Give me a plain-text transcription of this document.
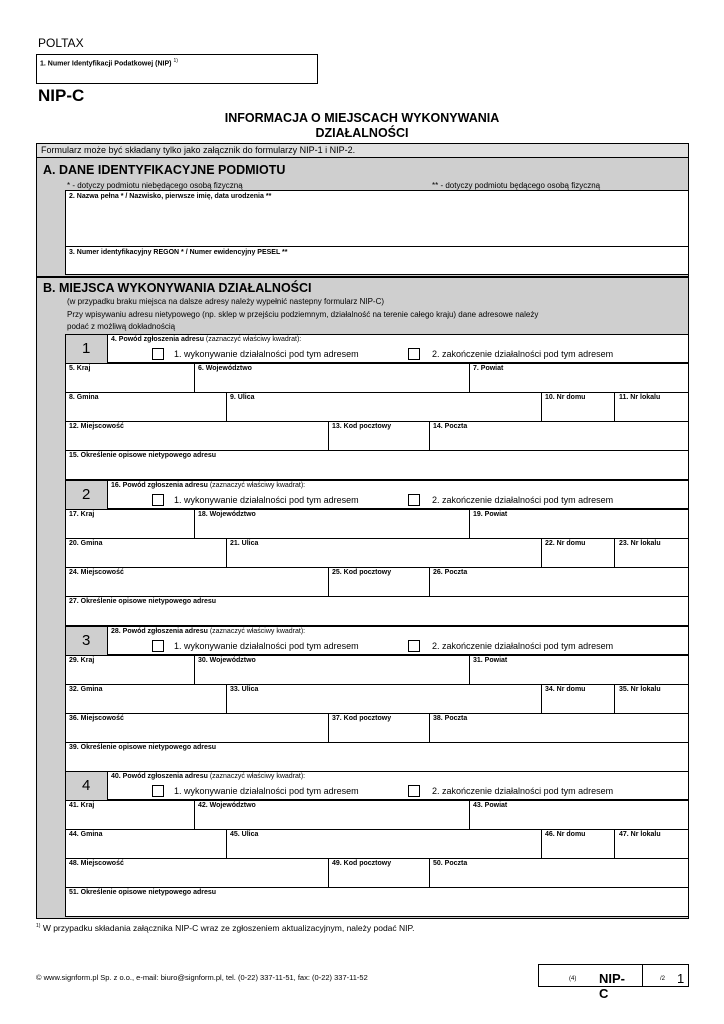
POLTAX
1. Numer Identyfikacji Podatkowej (NIP) $^{1)}$
NIP-C
INFORMACJA O MIEJSCACH WYKONYWANIA
DZIAŁALNOŚCI
Formularz może być składany tylko jako załącznik do formularzy NIP-1 i NIP-2.
A. DANE IDENTYFIKACYJNE PODMIOTU
* - dotyczy podmiotu niebędącego osobą fizyczną	** - dotyczy podmiotu będącego osobą fizyczną
2. Nazwa pełna * / Nazwisko, pierwsze imię, data urodzenia **
3. Numer identyfikacyjny REGON * / Numer ewidencyjny PESEL **
B. MIEJSCA WYKONYWANIA DZIAŁALNOŚCI
(w przypadku braku miejsca na dalsze adresy należy wypełnić nastepny formularz NIP-C)
Przy wpisywaniu adresu nietypowego (np. sklep w przejściu podziemnym, działalność na terenie całego kraju) dane adresowe należy
podać z możliwą dokładnością
1
4. Powód zgłoszenia adresu (zaznaczyć właściwy kwadrat):
1. wykonywanie działalności pod tym adresem	2. zakończenie działalności pod tym adresem
5. Kraj	6. Województwo	7. Powiat
8. Gmina	9. Ulica	10. Nr domu	11. Nr lokalu
12. Miejscowość	13. Kod pocztowy	14. Poczta
15. Określenie opisowe nietypowego adresu
2
16. Powód zgłoszenia adresu (zaznaczyć właściwy kwadrat):
1. wykonywanie działalności pod tym adresem	2. zakończenie działalności pod tym adresem
17. Kraj	18. Województwo	19. Powiat
20. Gmina	21. Ulica	22. Nr domu	23. Nr lokalu
24. Miejscowość	25. Kod pocztowy	26. Poczta
27. Określenie opisowe nietypowego adresu
3
28. Powód zgłoszenia adresu (zaznaczyć właściwy kwadrat):
1. wykonywanie działalności pod tym adresem	2. zakończenie działalności pod tym adresem
29. Kraj	30. Województwo	31. Powiat
32. Gmina	33. Ulica	34. Nr domu	35. Nr lokalu
36. Miejscowość	37. Kod pocztowy	38. Poczta
39. Określenie opisowe nietypowego adresu
4
40. Powód zgłoszenia adresu (zaznaczyć właściwy kwadrat):
1. wykonywanie działalności pod tym adresem	2. zakończenie działalności pod tym adresem
41. Kraj	42. Województwo	43. Powiat
44. Gmina	45. Ulica	46. Nr domu	47. Nr lokalu
48. Miejscowość	49. Kod pocztowy	50. Poczta
51. Określenie opisowe nietypowego adresu
$^{1)}$ W przypadku składania załącznika NIP-C wraz ze zgłoszeniem aktualizacyjnym, należy podać NIP.
© www.signform.pl Sp. z o.o., e-mail: biuro@signform.pl, tel. (0-22) 337-11-51, fax: (0-22) 337-11-52	NIP-C
(4)	1
/2
